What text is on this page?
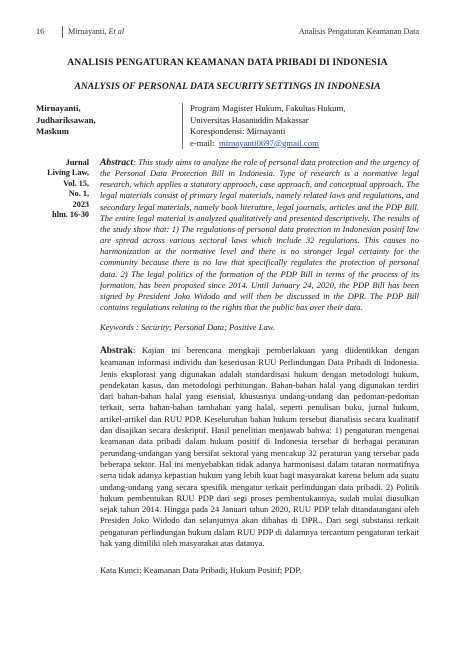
16	Mirnayanti, Et al	Analisis Pengaturan Keamanan Data
ANALISIS PENGATURAN KEAMANAN DATA PRIBADI DI INDONESIA
ANALYSIS OF PERSONAL DATA SECURITY SETTINGS IN INDONESIA
Mirnayanti,
Judhariksawan,
Maskum
Program Magister Hukum, Fakultas Hukum,
Universitas Hasanuddin Makassar
Korespondensi: Mirnayanti
e-mail: mirnayanti0697@gmail.com
Jurnal
Living Law,
Vol. 15,
No. 1,
2023
hlm. 16-30
Abstract: This study aims to analyze the role of personal data protection and the urgency of the Personal Data Protection Bill in Indonesia. Type of research is a normative legal research, which applies a statutory approach, case approach, and conceptual approach. The legal materials consist of primary legal materials, namely related laws and regulations, and secondary legal materials, namely book literature, legal journals, articles and the PDP Bill. The entire legal material is analyzed qualitatively and presented descriptively. The results of the study show that: 1) The regulations of personal data protection in Indonesian positif law are spread across various sectoral laws which include 32 regulations. This causes no harmonization at the normative level and there is no stronger legal certainty for the community because there is no law that specifically regulates the protection of personal data. 2) The legal politics of the formation of the PDP Bill in terms of the process of its formation, has been proposed since 2014. Until January 24, 2020, the PDP Bill has been signed by President Joko Widodo and will then be discussed in the DPR. The PDP Bill contains regulations relating to the rights that the public has over their data.
Keywords : Security; Personal Data; Positive Law.
Abstrak: Kajian ini berencana mengkaji pemberlakuan yang diidentikkan dengan keamanan informasi individu dan keseriusan RUU Perlindungan Data Pribadi di Indonesia. Jenis eksplorasi yang digunakan adalah standardisasi hukum dengan metodologi hukum, pendekatan kasus, dan metodologi perhitungan. Bahan-bahan halal yang digunakan terdiri dari bahan-bahan halal yang esensial, khususnya undang-undang dan pedoman-pedoman terkait, serta bahan-bahan tambahan yang halal, seperti penulisan buku, jurnal hukum, artikel-artikel dan RUU PDP. Keseluruhan bahan hukum tersebut dianalisis secara kualitatif dan disajikan secara deskriptif. Hasil penelitian menjawab bahwa: 1) pengaturan mengenai keamanan data pribadi dalam hukum positif di Indonesia tersebar di berbagai peraturan perundang-undangan yang bersifat sektoral yang mencakup 32 peraturan yang tersebar pada beberapa sektor. Hal ini menyebabkan tidak adanya harmonisasi dalam tataran normatifnya serta tidak adanya kepastian hukum yang lebih kuat bagi masyarakat karena belum ada suatu undang-undang yang secara spesifik mengatur terkait perlindungan data pribadi. 2) Politik hukum pembentukan RUU PDP dari segi proses pembentukannya, sudah mulai diusulkan sejak tahun 2014. Hingga pada 24 Januari tahun 2020, RUU PDP telah ditandatangani oleh Presiden Joko Widodo dan selanjutnya akan dibahas di DPR.. Dari segi substansi terkait pengaturan perlindungan hukum dalam RUU PDP di dalamnya tercantum pengaturan terkait hak yang dimiliki oleh masyarakat atas datanya.
Kata Kunci: Keamanan Data Pribadi; Hukum Positif; PDP.
